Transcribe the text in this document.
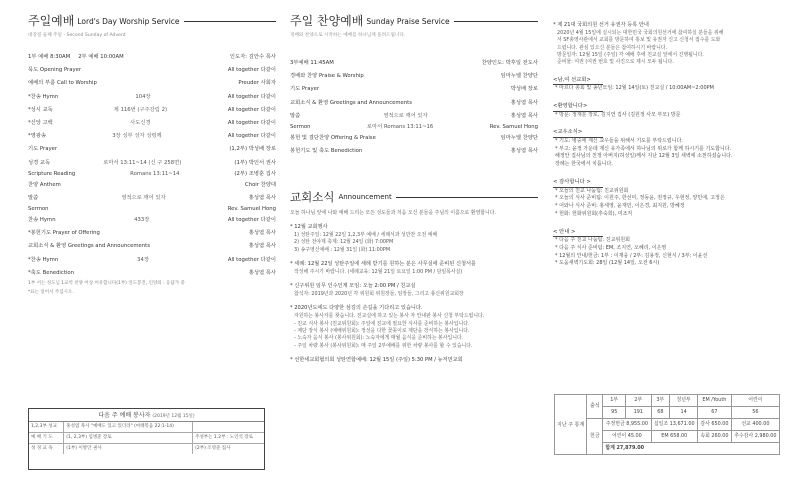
주일예배 Lord's Day Worship Service
대강절 둘째 주일 - Second Sunday of Advent
1부 예배 8:30AM 2부 예배 10:00AM	인도자: 김안수 목사
묵도 Opening Prayer	All together 다같이
예배의 부름 Call to Worship	Preuder 사회자
*찬송 Hymn	104장	All together 다같이
*성시 교독	제 116번 (구주강림 2)	All together 다같이
*신앙 고백	사도신경	All together 다같이
*영광송	3장 성부 성자 성령께	All together 다같이
기도 Prayer	(1,2부) 박성배 장로
성경 교독	로마서 13:11~14 (신 구 258면)	(1부) 박인서 권사
Scripture Reading	Romans 13:11~14	(2부) 조병훈 집사
찬양 Anthem	Choir 찬양대
말씀	영적으로 깨어 있자	홍성엽 목사
Sermon	Rev. Samuel Hong
찬송 Hymn	433장	All together 다같이
*봉헌기도 Prayer of Offering	홍성엽 목사
교회소식 & 환영 Greetings and Announcements	홍성엽 목사
*찬송 Hymn	34장	All together 다같이
*축도 Benediction	홍성엽 목사
1부 서는 성도님 1교역 찬양 어상 어유합니다(1부) 연도봉진, 인양의 : 응답가 중
*표는 일어서 주십시오.
다음 주 예배 봉사자 (2019년 12월 15일)
1,2,3부 성교	홍성엽 목사 "예배도 있고 있더라" (마태복음 22:1-14)	
예 배 기 도	(1, 2,3부) 임병준 장로	주성부는 1.2부 : 노인석 장로
성 경 교 독	(1부) 이방안 권사	(2부) 조영준 집사
주일 찬양예배 Sunday Praise Service
경배와 찬양으로 시작하는 예배를 하나님께 올려드립니다.
3부예배 11:45AM	찬양인도: 박후일 전도사
경배와 찬양 Praise & Worship	임마누엘 찬양단
기도 Prayer	박성배 장로
교회소식 & 환영 Greetings and Announcements	홍성엽 목사
말씀	영적으로 깨어 있자	홍성엽 목사
Sermon	로마서 Romans 13:11~16	Rev. Samuel Hong
봉헌 및 결단찬양 Offering & Praise	임마누엘 찬양단
봉헌기도 및 축도 Benediction	홍성엽 목사
교회소식 Announcement
오늘 하나님 앞에 나와 예배 드리는 모든 성도들과 처음 오신 분들을 주님의 이름으로 환영합니다.
* 12월 교회행사
1) 성탄주일: 12월 22일 1,2,3부 예배 / 세례식과 성만찬 오전 예배
2) 성탄 전야제 축제: 12월 24일 (화) 7:00PM
3) 송구영신예배 : 12월 31일 (화) 11:00PM
* 세례: 12월 22일 성탄주일에 세례 받기를 원하는 분은 사무실에 준비된 신청서를
작성해 주시기 바랍니다. (세례교육: 12월 21일 토요일 1:00 PM / 담임목사실)
* 신구위원 임무 인수인계 모임: 오늘 2:00 PM / 친교실
참석자: 2019년과 2020년 각 위원회 위원장들, 임장들, 그리고 총신위원교회장
* 2020년도에도 다양한 섬김의 손길을 기다리고 있습니다.
자원하는 봉사자를 찾습니다. 친교실에 하고 있는 봉사 자 안내판 봉사 신청 부탁드립니다.
- 친교 식사 봉사 (친교위원회): 주일에 친교에 필요한 식사를 준비하는 봉사입니다.
- 제단 장식 봉사 (예배위원회): 정성을 다한 꽃꽂이로 제단을 장식하는 봉사입니다.
- 노숙자 음식 봉사 (봉사위원회): 노숙자에게 매월 음식을 준비하는 봉사입니다.
- 주일 차량 봉사 (봉사위원회): 매 주일 2부예배를 위한 차량 봉사를 할 수 있습니다.
* 선한세교회협의회 성탄연합예배: 12월 15일 (주일) 5:30 PM / 뉴저먼교회
* 제 21대 국회의원 선거 유권자 등록 안내
2020년 4월 15일에 실시되는 대한민국 국회의원선거에 참여하실 분들을 위해
서 SF총영사관에서 교회를 방문하여 홍보 및 유권자 신고 신청서 접수를 도와
드립니다. 관심 있으신 분들은 참여하시기 바랍니다.
방문일자: 12월 15일 (주일) 각 예배 후에 친교실 앞에서 진행됩니다.
준비물: 여권 (여권 번호 및 사진으로 제시 모두 됩니다.
<남,여 선교회>
* 마르다 총회 및 송년모임: 12월 14일(토) 친교실 / 10:00AM~2:00PM
<환영합니다>
* 방문: 정재분 장로, 김지연 집사 (김원정 사모 부모) 방문
<교우소식>
* 기도: 병중에 계신 교우들을 위해서 기도를 부탁드립니다.
* 부고: 윤정 가운데 계신 유가족에서 하나님의 위로가 함께 하시기를 기도합니다.
해정안 집사님의 친정 아버지(허성일)께서 지난 12월 3일 새벽에 소천하셨습니다.
장례는 한국에서 치릅니다.
< 감사합니다 >
* 오늘의 친교 나눔팀: 친교위원회
* 오늘의 식사 준비팀: 이원주, 한선미, 정동윤, 권정규, 우현정, 양민애, 고정은
* 어와나 식사 준비: 홍세영, 윤재민, 이은경, 최지원, 방혜정
* 헌화: 헌화위원회(추숙희), 미조직
< 안내 >
* 다음 주 친교 나눔팀: 친교위원회
* 다음 주 식사 준비팀: EM, 조지연, 오혜리, 이은영
* 12월의 안내/헌금: 1부 : 이재웅 / 2부: 김용정, 신현식 / 3부: 이윤선
* 도움새벽기도회: 28일 (12월 14일, 오전 6시)
지난 주 통계	출석	1부	2부	3부	청년부	EM /Youth	어린이
		95	191	68	14	67	56
	헌금	주정헌금 8,955.00		십일조 13,671.00		감사 650.00	선교 400.00
		어린이 45.00		EM 658.00		속회 260.00	추수감사 2,980.00
		합계 27,879.00					
